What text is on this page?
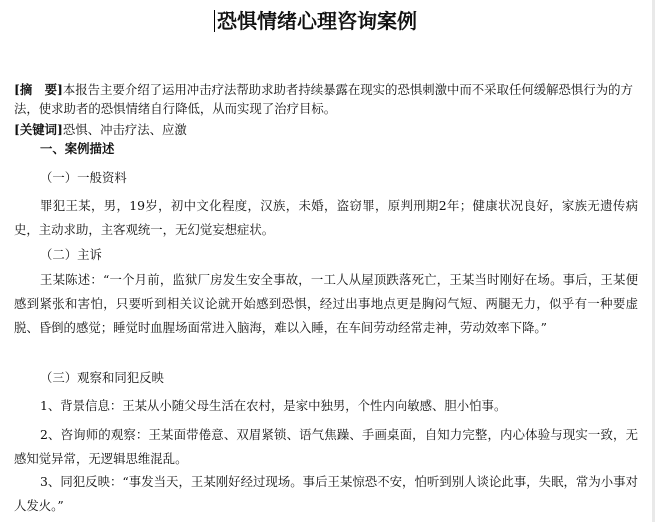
恐惧情绪心理咨询案例
[摘　要]本报告主要介绍了运用冲击疗法帮助求助者持续暴露在现实的恐惧刺激中而不采取任何缓解恐惧行为的方法，使求助者的恐惧情绪自行降低，从而实现了治疗目标。
[关键词]恐惧、冲击疗法、应激
一、案例描述
（一）一般资料
罪犯王某，男，19岁，初中文化程度，汉族，未婚，盗窃罪，原判刑期2年；健康状况良好，家族无遗传病史，主动求助，主客观统一，无幻觉妄想症状。
（二）主诉
王某陈述：“一个月前，监狱厂房发生安全事故，一工人从屋顶跌落死亡，王某当时刚好在场。事后，王某便感到紧张和害怕，只要听到相关议论就开始感到恐惧，经过出事地点更是胸闷气短、两腿无力，似乎有一种要虚脱、昏倒的感觉；睡觉时血腥场面常进入脑海，难以入睡，在车间劳动经常走神，劳动效率下降。”
（三）观察和同犯反映
1、背景信息：王某从小随父母生活在农村，是家中独男，个性内向敏感、胆小怕事。
2、咨询师的观察：王某面带倦意、双眉紧锁、语气焦躁、手画桌面，自知力完整，内心体验与现实一致，无感知觉异常，无逻辑思维混乱。
3、同犯反映：“事发当天，王某刚好经过现场。事后王某惊恐不安，怕听到别人谈论此事，失眠，常为小事对人发火。”
